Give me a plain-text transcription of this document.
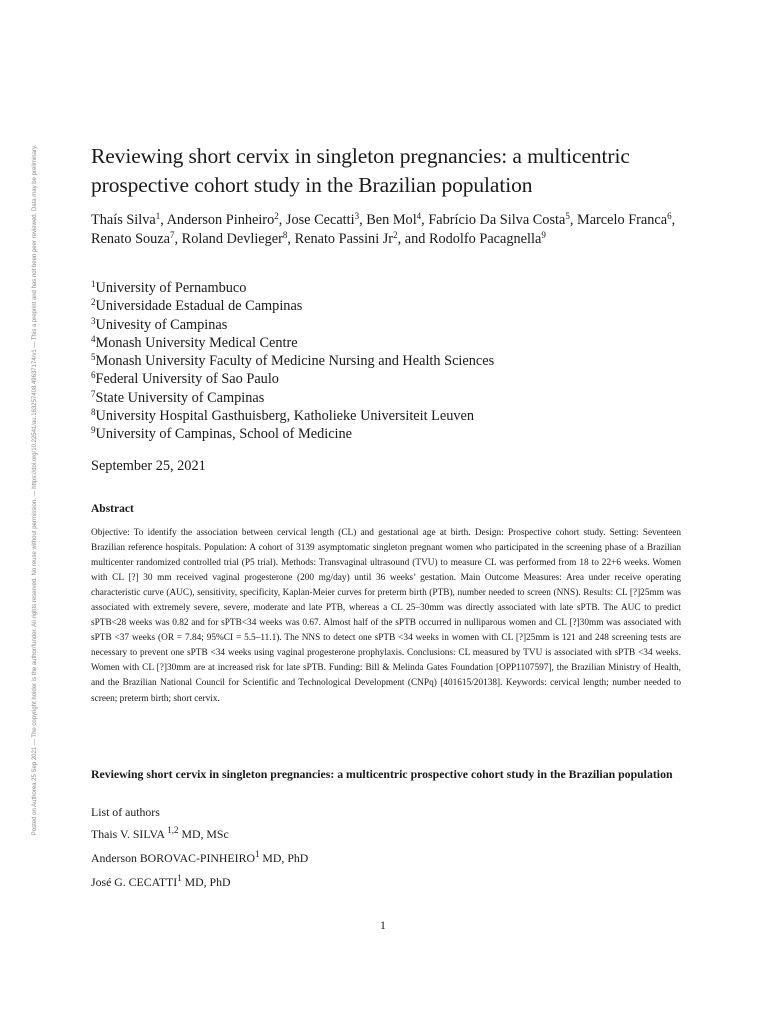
Posted on Authorea 25 Sep 2021 — The copyright holder is the author/funder. All rights reserved. No reuse without permission. — https://doi.org/10.22541/au.163257408.49637174/v1 — This a preprint and has not been peer reviewed. Data may be preliminary. Reviewing short cervix in singleton pregnancies: a multicentric prospective cohort study in the Brazilian population

Thaís Silva$^1$, Anderson Pinheiro$^2$, Jose Cecatti$^3$, Ben Mol$^4$, Fabrício Da Silva Costa$^5$, Marcelo Franca$^6$, Renato Souza$^7$, Roland Devlieger$^8$, Renato Passini Jr$^2$, and Rodolfo Pacagnella$^9$

$^1$University of Pernambuco
$^2$Universidade Estadual de Campinas
$^3$Univesity of Campinas
$^4$Monash University Medical Centre
$^5$Monash University Faculty of Medicine Nursing and Health Sciences
$^6$Federal University of Sao Paulo
$^7$State University of Campinas
$^8$University Hospital Gasthuisberg, Katholieke Universiteit Leuven
$^9$University of Campinas, School of Medicine
September 25, 2021
Abstract

Objective: To identify the association between cervical length (CL) and gestational age at birth. Design: Prospective cohort study. Setting: Seventeen Brazilian reference hospitals. Population: A cohort of 3139 asymptomatic singleton pregnant women who participated in the screening phase of a Brazilian multicenter randomized controlled trial (P5 trial). Methods: Transvaginal ultrasound (TVU) to measure CL was performed from 18 to 22+6 weeks. Women with CL [?] 30 mm received vaginal progesterone (200 mg/day) until 36 weeks’ gestation. Main Outcome Measures: Area under receive operating characteristic curve (AUC), sensitivity, specificity, Kaplan-Meier curves for preterm birth (PTB), number needed to screen (NNS). Results: CL [?]25mm was associated with extremely severe, severe, moderate and late PTB, whereas a CL 25–30mm was directly associated with late sPTB. The AUC to predict sPTB<28 weeks was 0.82 and for sPTB<34 weeks was 0.67. Almost half of the sPTB occurred in nulliparous women and CL [?]30mm was associated with sPTB <37 weeks (OR = 7.84; 95%CI = 5.5–11.1). The NNS to detect one sPTB <34 weeks in women with CL [?]25mm is 121 and 248 screening tests are necessary to prevent one sPTB <34 weeks using vaginal progesterone prophylaxis. Conclusions: CL measured by TVU is associated with sPTB <34 weeks. Women with CL [?]30mm are at increased risk for late sPTB. Funding: Bill & Melinda Gates Foundation [OPP1107597], the Brazilian Ministry of Health, and the Brazilian National Council for Scientific and Technological Development (CNPq) [401615/20138]. Keywords: cervical length; number needed to screen; preterm birth; short cervix.

Reviewing short cervix in singleton pregnancies: a multicentric prospective cohort study in the Brazilian population

List of authors

Thais V. SILVA $^{1,2}$ MD, MSc

Anderson BOROVAC-PINHEIRO$^1$ MD, PhD

José G. CECATTI$^1$ MD, PhD

1
